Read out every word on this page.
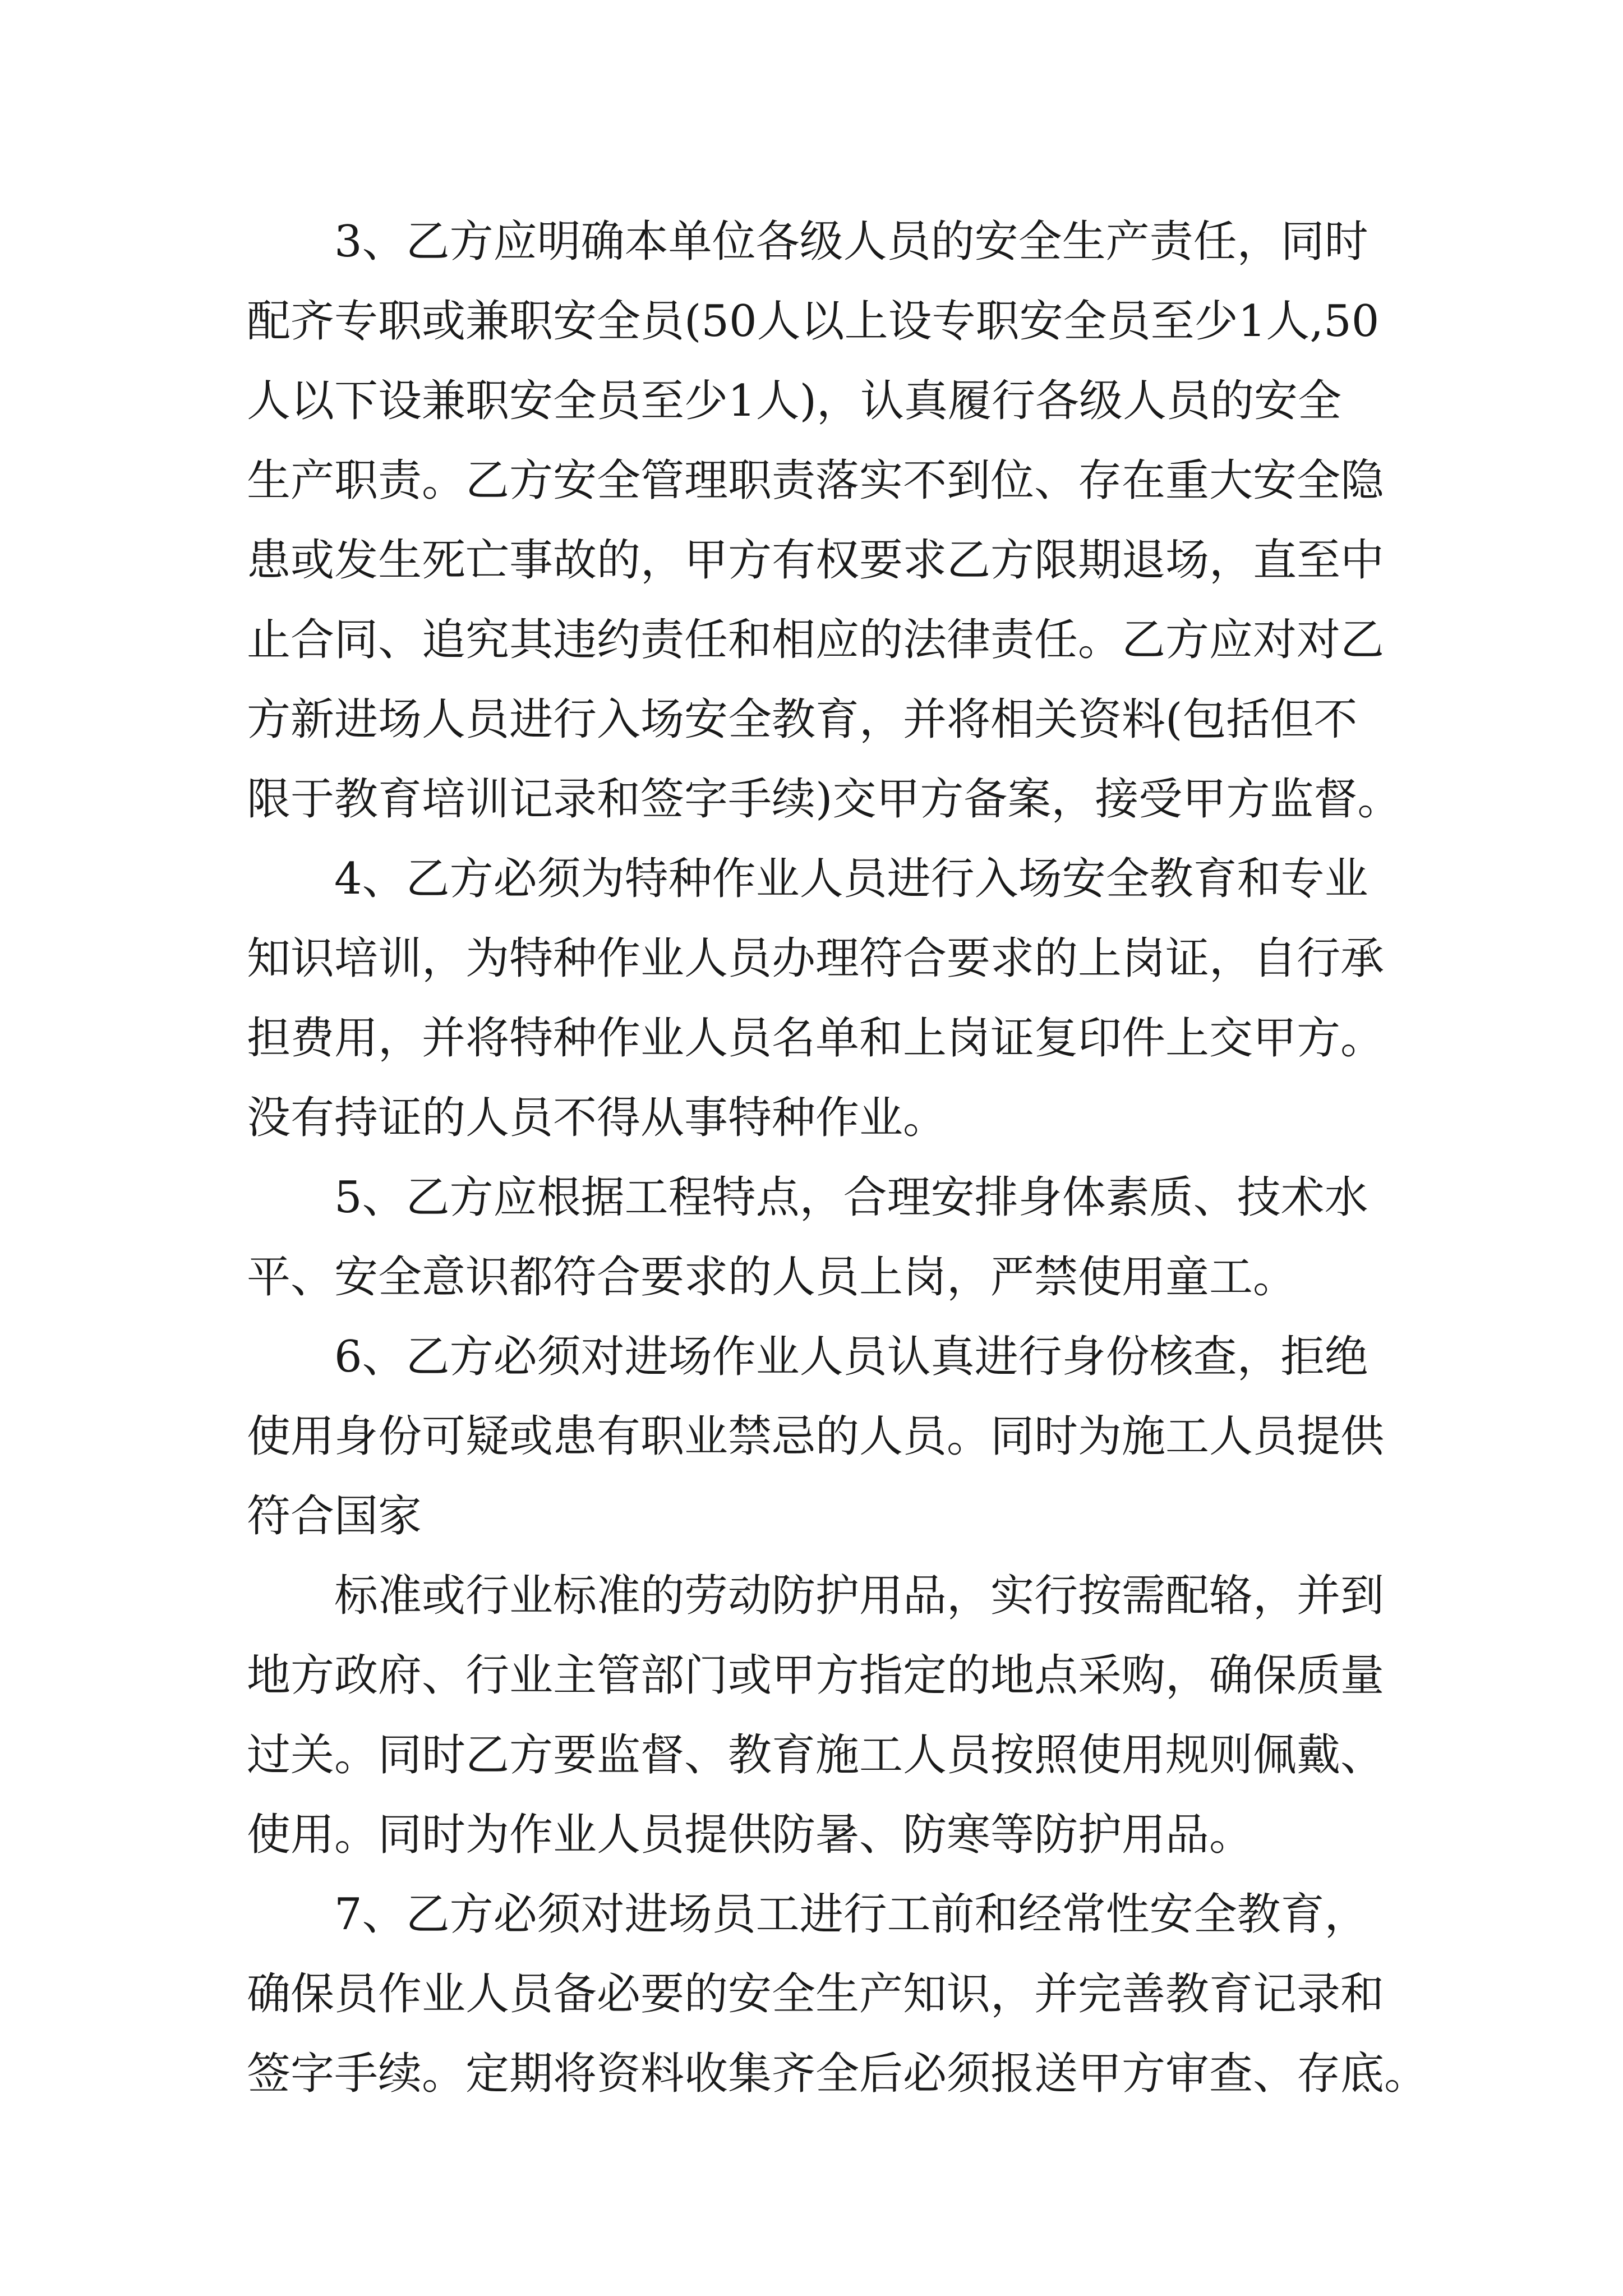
3、乙方应明确本单位各级人员的安全生产责任，同时
配齐专职或兼职安全员(50人以上设专职安全员至少1人,50
人以下设兼职安全员至少1人)，认真履行各级人员的安全
生产职责。乙方安全管理职责落实不到位、存在重大安全隐
患或发生死亡事故的，甲方有权要求乙方限期退场，直至中
止合同、追究其违约责任和相应的法律责任。乙方应对对乙
方新进场人员进行入场安全教育，并将相关资料(包括但不
限于教育培训记录和签字手续)交甲方备案，接受甲方监督。
4、乙方必须为特种作业人员进行入场安全教育和专业
知识培训，为特种作业人员办理符合要求的上岗证，自行承
担费用，并将特种作业人员名单和上岗证复印件上交甲方。
没有持证的人员不得从事特种作业。
5、乙方应根据工程特点，合理安排身体素质、技术水
平、安全意识都符合要求的人员上岗，严禁使用童工。
6、乙方必须对进场作业人员认真进行身份核查，拒绝
使用身份可疑或患有职业禁忌的人员。同时为施工人员提供
符合国家
标准或行业标准的劳动防护用品，实行按需配辂，并到
地方政府、行业主管部门或甲方指定的地点采购，确保质量
过关。同时乙方要监督、教育施工人员按照使用规则佩戴、
使用。同时为作业人员提供防暑、防寒等防护用品。
7、乙方必须对进场员工进行工前和经常性安全教育，
确保员作业人员备必要的安全生产知识，并完善教育记录和
签字手续。定期将资料收集齐全后必须报送甲方审查、存底。
